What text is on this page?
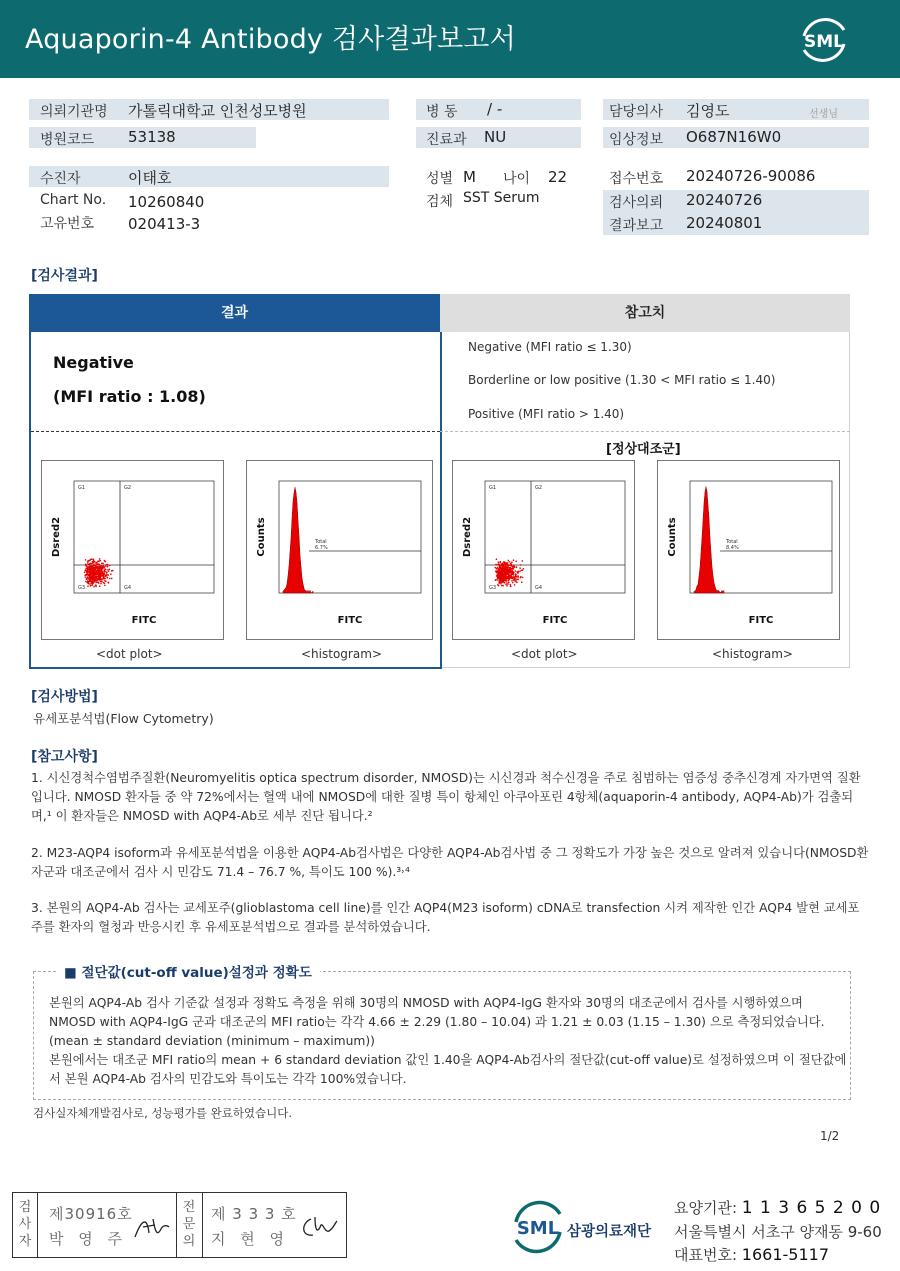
Aquaporin-4 Antibody 검사결과보고서	SML
의뢰기관명 가톨릭대학교 인천성모병원
병원코드 53138
병 동 / -
진료과 NU
담당의사 김영도	선생님
임상정보 O687N16W0
수진자	이태호
Chart No. 10260840
고유번호 020413-3
성별 M 나이 22
검체 SST Serum
접수번호 20240726-90086
검사의뢰 20240726
결과보고 20240801
[검사결과]
결과	참고치
Negative
(MFI ratio : 1.08)
Negative (MFI ratio ≤ 1.30)
Borderline or low positive (1.30 < MFI ratio ≤ 1.40)
Positive (MFI ratio > 1.40)
[정상대조군]
G1	G2
G3	G4
Dsred2
FITC
Total
6.7%
Counts
FITC
G1	G2
G3	G4
Dsred2
FITC
Total
8.4%
Counts
FITC
<dot plot>	<histogram>	<dot plot>	<histogram>
[검사방법]
유세포분석법(Flow Cytometry)
[참고사항]
1. 시신경척수염범주질환(Neuromyelitis optica spectrum disorder, NMOSD)는 시신경과 척수신경을 주로 침범하는 염증성 중추신경계 자가면역 질환입니다. NMOSD 환자들 중 약 72%에서는 혈액 내에 NMOSD에 대한 질병 특이 항체인 아쿠아포린 4항체(aquaporin-4 antibody, AQP4-Ab)가 검출되며,¹ 이 환자들은 NMOSD with AQP4-Ab로 세부 진단 됩니다.²
2. M23-AQP4 isoform과 유세포분석법을 이용한 AQP4-Ab검사법은 다양한 AQP4-Ab검사법 중 그 정확도가 가장 높은 것으로 알려져 있습니다(NMOSD환자군과 대조군에서 검사 시 민감도 71.4 – 76.7 %, 특이도 100 %).³˒⁴
3. 본원의 AQP4-Ab 검사는 교세포주(glioblastoma cell line)를 인간 AQP4(M23 isoform) cDNA로 transfection 시켜 제작한 인간 AQP4 발현 교세포주를 환자의 혈청과 반응시킨 후 유세포분석법으로 결과를 분석하였습니다.
■ 절단값(cut-off value)설정과 정확도
본원의 AQP4-Ab 검사 기준값 설정과 정확도 측정을 위해 30명의 NMOSD with AQP4-IgG 환자와 30명의 대조군에서 검사를 시행하였으며 NMOSD with AQP4-IgG 군과 대조군의 MFI ratio는 각각 4.66 ± 2.29 (1.80 – 10.04) 과 1.21 ± 0.03 (1.15 – 1.30) 으로 측정되었습니다. (mean ± standard deviation (minimum – maximum))
본원에서는 대조군 MFI ratio의 mean + 6 standard deviation 값인 1.40을 AQP4-Ab검사의 절단값(cut-off value)로 설정하였으며 이 절단값에서 본원 AQP4-Ab 검사의 민감도와 특이도는 각각 100%였습니다.
검사실자체개발검사로, 성능평가를 완료하였습니다.
1/2
검사자
제30916호
박 영 주
전문의
제 3 3 3 호
지 현 영	SML 삼광의료재단
요양기관: 1 1 3 6 5 2 0 0
서울특별시 서초구 양재동 9-60
대표번호: 1661-5117
